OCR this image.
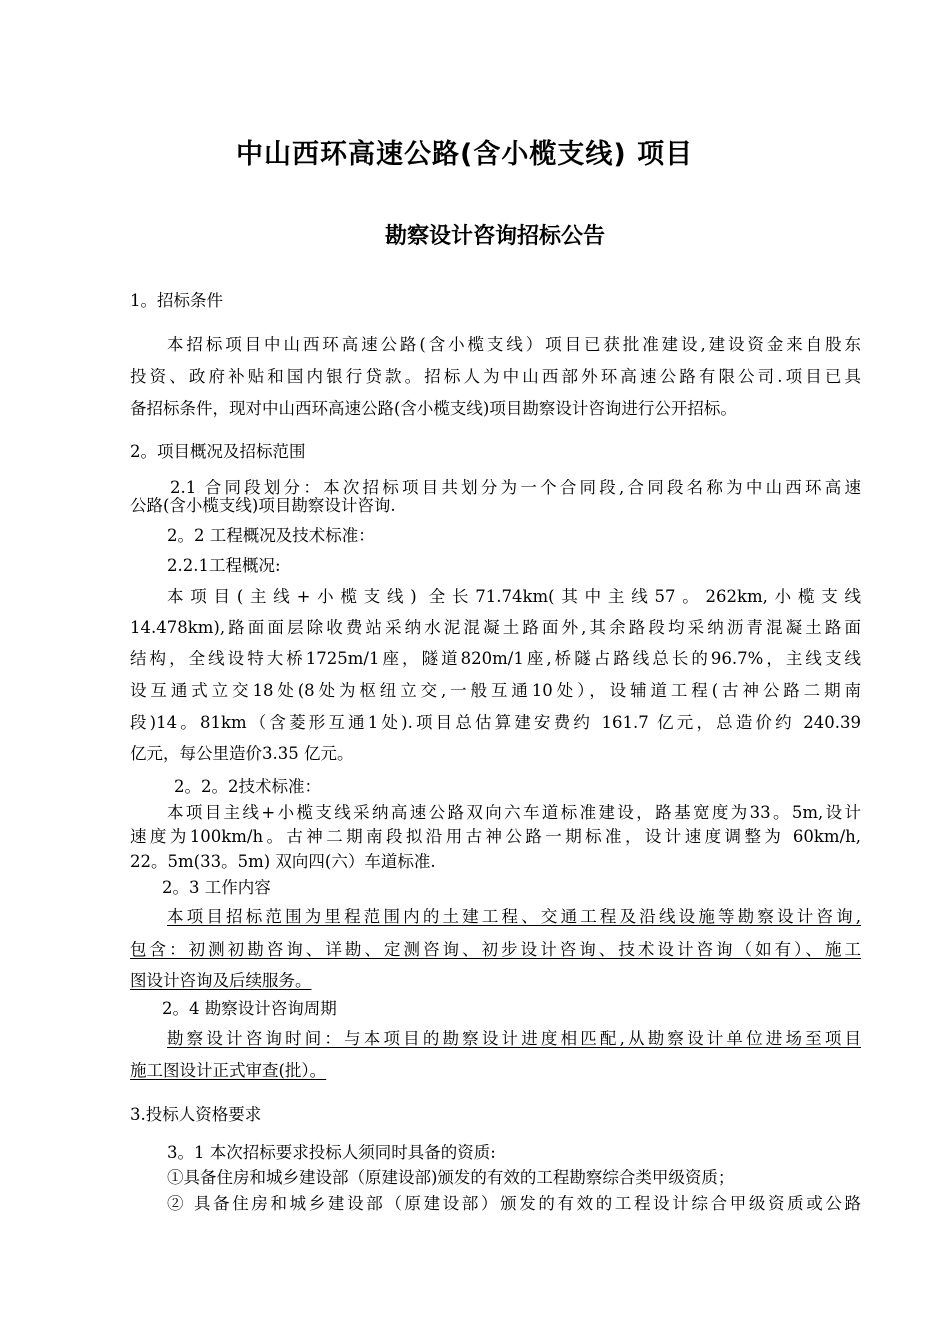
中山西环高速公路(含小榄支线) 项目
勘察设计咨询招标公告
1。招标条件
本招标项目中山西环高速公路(含小榄支线）项目已获批准建设,建设资金来自股东
投资、政府补贴和国内银行贷款。招标人为中山西部外环高速公路有限公司.项目已具
备招标条件，现对中山西环高速公路(含小榄支线)项目勘察设计咨询进行公开招标。
2。项目概况及招标范围
2.1 合同段划分：本次招标项目共划分为一个合同段,合同段名称为中山西环高速
公路(含小榄支线)项目勘察设计咨询.
2。2 工程概况及技术标准：
2.2.1工程概况:
本项目(主线+小榄支线) 全长71.74km(其中主线57。262km,小榄支线
14.478km),路面面层除收费站采纳水泥混凝土路面外,其余路段均采纳沥青混凝土路面
结构，全线设特大桥1725m/1座，隧道820m/1座,桥隧占路线总长的96.7%，主线支线
设互通式立交18处(8处为枢纽立交,一般互通10处），设辅道工程(古神公路二期南
段)14。81km（含菱形互通1处).项目总估算建安费约 161.7 亿元，总造价约 240.39
亿元，每公里造价3.35 亿元。
2。2。2技术标准：
本项目主线+小榄支线采纳高速公路双向六车道标准建设，路基宽度为33。5m,设计
速度为100km/h。古神二期南段拟沿用古神公路一期标准，设计速度调整为 60km/h,
22。5m(33。5m) 双向四(六）车道标准.
2。3 工作内容
本项目招标范围为里程范围内的土建工程、交通工程及沿线设施等勘察设计咨询,
包含：初测初勘咨询、详勘、定测咨询、初步设计咨询、技术设计咨询（如有）、施工
图设计咨询及后续服务。
2。4 勘察设计咨询周期
勘察设计咨询时间：与本项目的勘察设计进度相匹配,从勘察设计单位进场至项目
施工图设计正式审查(批）。
3.投标人资格要求
3。1 本次招标要求投标人须同时具备的资质:
①具备住房和城乡建设部（原建设部)颁发的有效的工程勘察综合类甲级资质；
② 具备住房和城乡建设部（原建设部）颁发的有效的工程设计综合甲级资质或公路
